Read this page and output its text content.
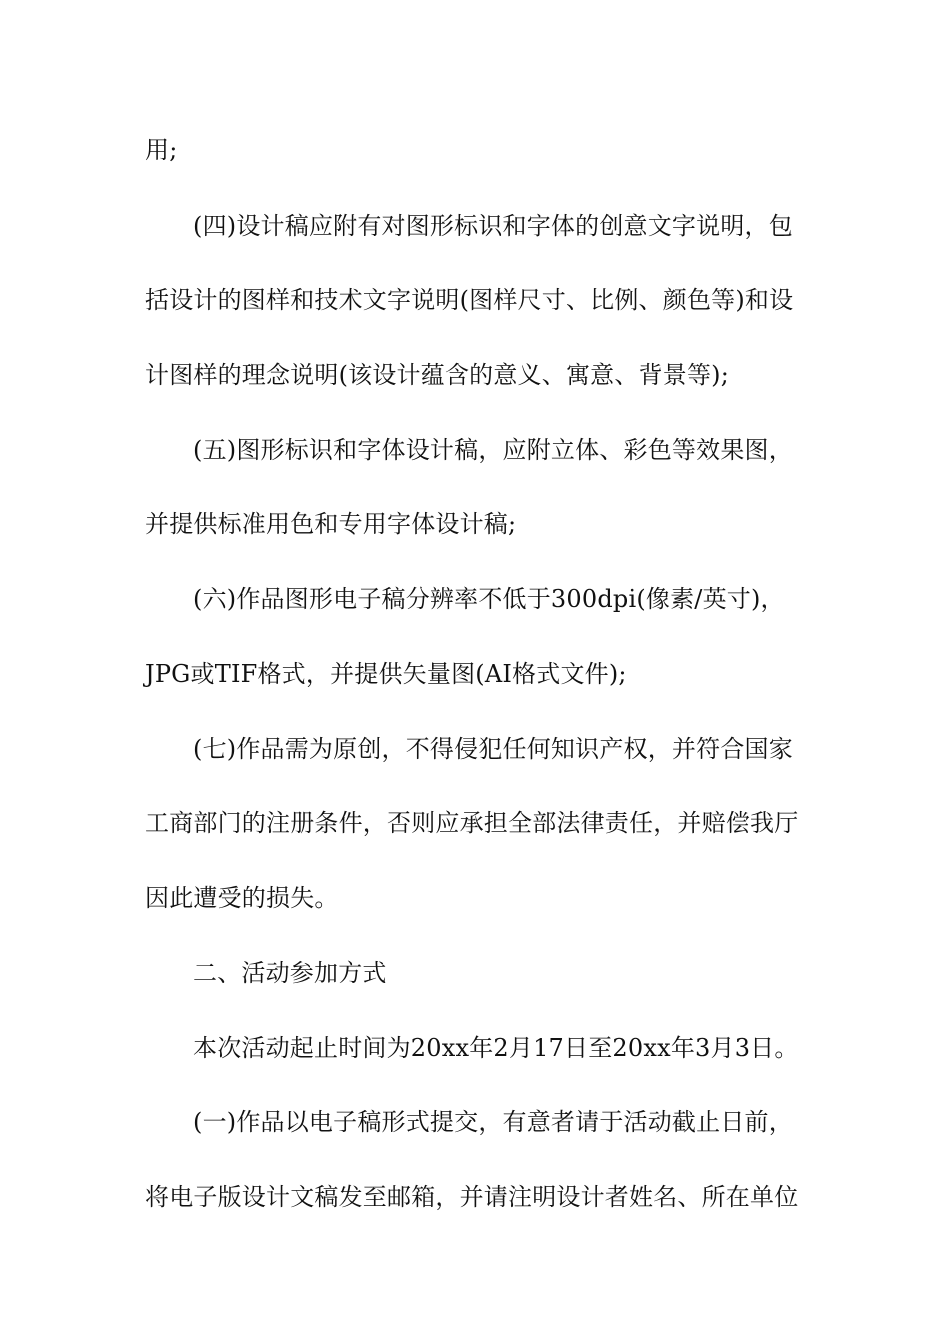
用;
(四)设计稿应附有对图形标识和字体的创意文字说明，包
括设计的图样和技术文字说明(图样尺寸、比例、颜色等)和设
计图样的理念说明(该设计蕴含的意义、寓意、背景等);
(五)图形标识和字体设计稿，应附立体、彩色等效果图，
并提供标准用色和专用字体设计稿;
(六)作品图形电子稿分辨率不低于300dpi(像素/英寸)，
JPG或TIF格式，并提供矢量图(AI格式文件);
(七)作品需为原创，不得侵犯任何知识产权，并符合国家
工商部门的注册条件，否则应承担全部法律责任，并赔偿我厅
因此遭受的损失。
二、活动参加方式
本次活动起止时间为20xx年2月17日至20xx年3月3日。
(一)作品以电子稿形式提交，有意者请于活动截止日前，
将电子版设计文稿发至邮箱，并请注明设计者姓名、所在单位
